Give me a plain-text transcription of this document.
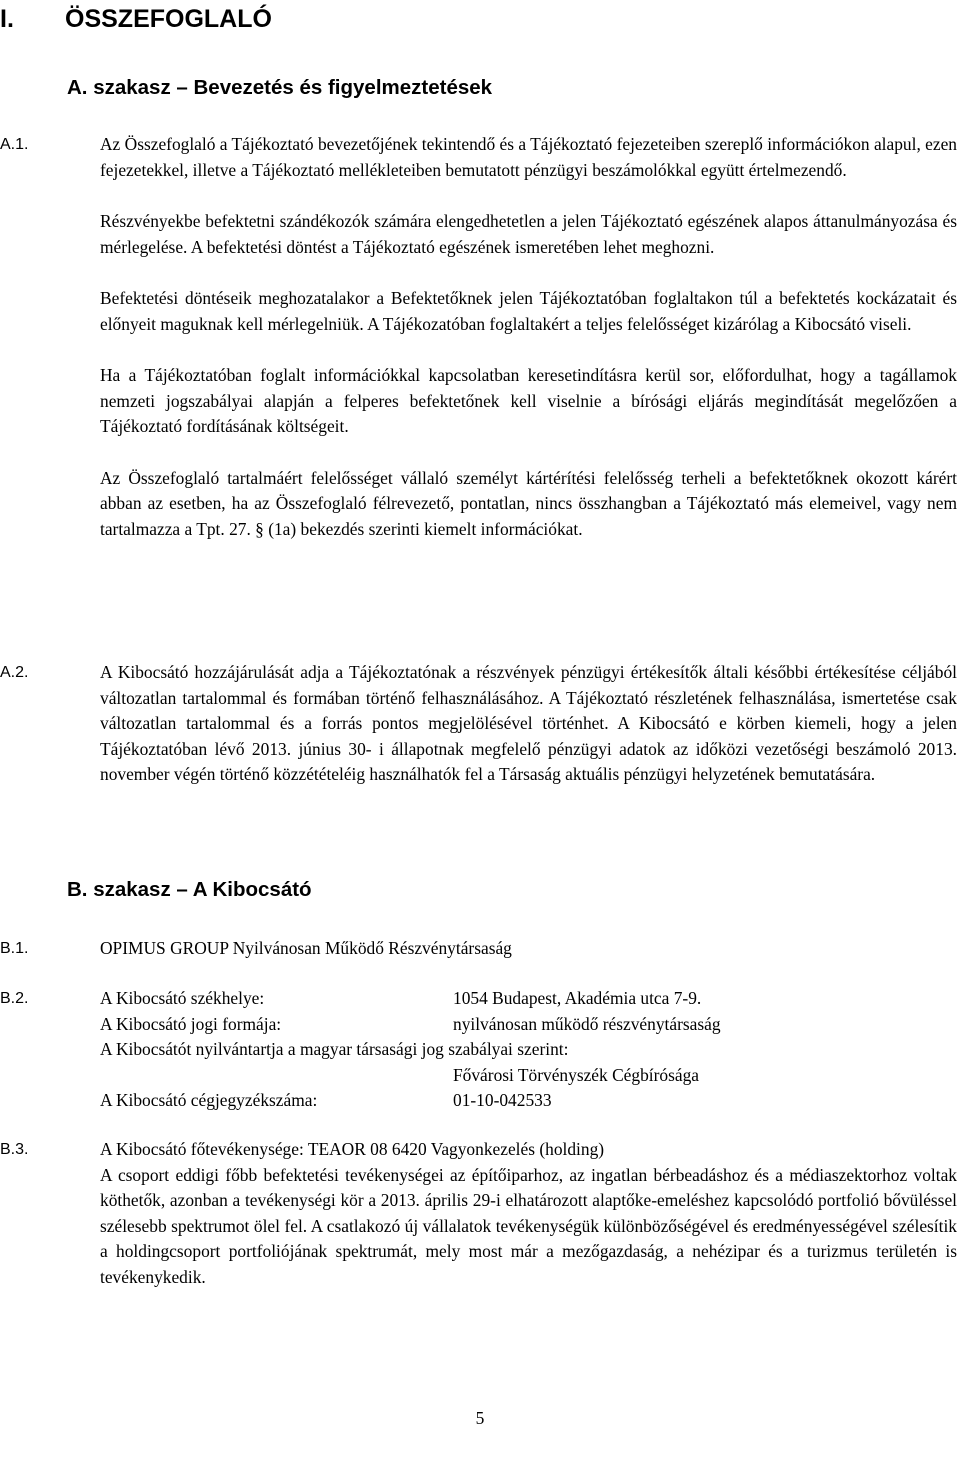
I. ÖSSZEFOGLALÓ
A. szakasz – Bevezetés és figyelmeztetések
A.1.	Az Összefoglaló a Tájékoztató bevezetőjének tekintendő és a Tájékoztató fejezeteiben szereplő információkon alapul, ezen fejezetekkel, illetve a Tájékoztató mellékleteiben bemutatott pénzügyi beszámolókkal együtt értelmezendő.

Részvényekbe befektetni szándékozók számára elengedhetetlen a jelen Tájékoztató egészének alapos áttanulmányozása és mérlegelése. A befektetési döntést a Tájékoztató egészének ismeretében lehet meghozni.

Befektetési döntéseik meghozatalakor a Befektetőknek jelen Tájékoztatóban foglaltakon túl a befektetés kockázatait és előnyeit maguknak kell mérlegelniük. A Tájékozatóban foglaltakért a teljes felelősséget kizárólag a Kibocsátó viseli.

Ha a Tájékoztatóban foglalt információkkal kapcsolatban keresetindításra kerül sor, előfordulhat, hogy a tagállamok nemzeti jogszabályai alapján a felperes befektetőnek kell viselnie a bírósági eljárás megindítását megelőzően a Tájékoztató fordításának költségeit.

Az Összefoglaló tartalmáért felelősséget vállaló személyt kártérítési felelősség terheli a befektetőknek okozott kárért abban az esetben, ha az Összefoglaló félrevezető, pontatlan, nincs összhangban a Tájékoztató más elemeivel, vagy nem tartalmazza a Tpt. 27. § (1a) bekezdés szerinti kiemelt információkat.

A.2.	A Kibocsátó hozzájárulását adja a Tájékoztatónak a részvények pénzügyi értékesítők általi későbbi értékesítése céljából változatlan tartalommal és formában történő felhasználásához. A Tájékoztató részletének felhasználása, ismertetése csak változatlan tartalommal és a forrás pontos megjelölésével történhet. A Kibocsátó e körben kiemeli, hogy a jelen Tájékoztatóban lévő 2013. június 30- i állapotnak megfelelő pénzügyi adatok az időközi vezetőségi beszámoló 2013. november végén történő közzétételéig használhatók fel a Társaság aktuális pénzügyi helyzetének bemutatására.

B. szakasz – A Kibocsátó
B.1.	OPIMUS GROUP Nyilvánosan Működő Részvénytársaság

B.2.	A Kibocsátó székhelye:	1054 Budapest, Akadémia utca 7-9.
A Kibocsátó jogi formája:	nyilvánosan működő részvénytársaság
A Kibocsátót nyilvántartja a magyar társasági jog szabályai szerint:
Fővárosi Törvényszék Cégbírósága
A Kibocsátó cégjegyzékszáma:	01-10-042533
B.3.	A Kibocsátó főtevékenysége: TEAOR 08 6420 Vagyonkezelés (holding)

A csoport eddigi főbb befektetési tevékenységei az építőiparhoz, az ingatlan bérbeadáshoz és a médiaszektorhoz voltak köthetők, azonban a tevékenységi kör a 2013. április 29-i elhatározott alaptőke-emeléshez kapcsolódó portfolió bővüléssel szélesebb spektrumot ölel fel. A csatlakozó új vállalatok tevékenységük különbözőségével és eredményességével szélesítik a holdingcsoport portfoliójának spektrumát, mely most már a mezőgazdaság, a nehézipar és a turizmus területén is tevékenykedik.

5
